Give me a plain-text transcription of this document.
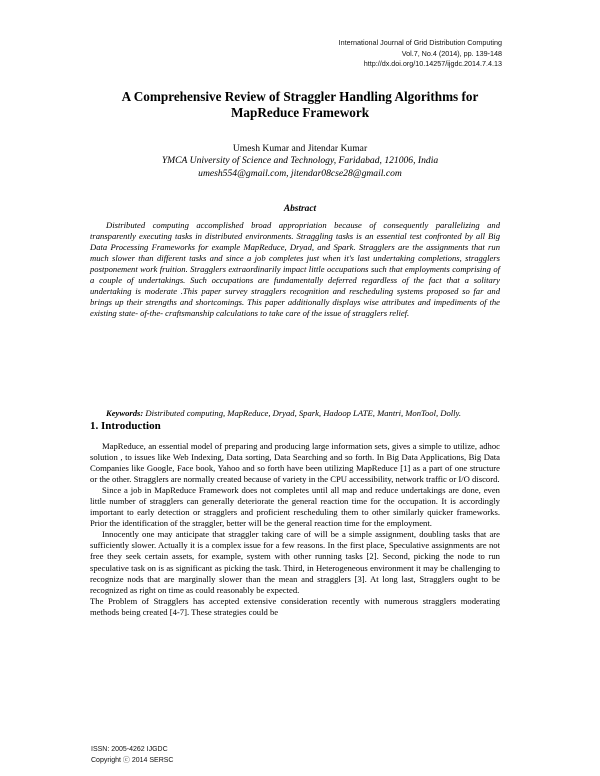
International Journal of Grid Distribution Computing
Vol.7, No.4 (2014), pp. 139-148
http://dx.doi.org/10.14257/ijgdc.2014.7.4.13
A Comprehensive Review of Straggler Handling Algorithms for
MapReduce Framework
Umesh Kumar and Jitendar Kumar
YMCA University of Science and Technology, Faridabad, 121006, India
umesh554@gmail.com, jitendar08cse28@gmail.com
Abstract

Distributed computing accomplished broad appropriation because of consequently parallelizing and transparently executing tasks in distributed environments. Straggling tasks is an essential test confronted by all Big Data Processing Frameworks for example MapReduce, Dryad, and Spark. Stragglers are the assignments that run much slower than different tasks and since a job completes just when it's last undertaking completions, stragglers postponement work fruition. Stragglers extraordinarily impact little occupations such that employments comprising of a couple of undertakings. Such occupations are fundamentally deferred regardless of the fact that a solitary undertaking is moderate .This paper survey stragglers recognition and rescheduling systems proposed so far and brings up their strengths and shortcomings. This paper additionally displays wise attributes and impediments of the existing state- of-the- craftsmanship calculations to take care of the issue of stragglers relief.

Keywords: Distributed computing, MapReduce, Dryad, Spark, Hadoop LATE, Mantri, MonTool, Dolly.

1. Introduction

MapReduce, an essential model of preparing and producing large information sets, gives a simple to utilize, adhoc solution , to issues like Web Indexing, Data sorting, Data Searching and so forth. In Big Data Applications, Big Data Companies like Google, Face book, Yahoo and so forth have been utilizing MapReduce [1] as a part of one structure or the other. Stragglers are normally created because of variety in the CPU accessibility, network traffic or I/O discord.

Since a job in MapReduce Framework does not completes until all map and reduce undertakings are done, even little number of stragglers can generally deteriorate the general reaction time for the occupation. It is accordingly important to early detection or stragglers and proficient rescheduling them to other similarly quicker frameworks. Prior the identification of the straggler, better will be the general reaction time for the employment.

Innocently one may anticipate that straggler taking care of will be a simple assignment, doubling tasks that are sufficiently slower. Actually it is a complex issue for a few reasons. In the first place, Speculative assignments are not free they seek certain assets, for example, system with other running tasks [2]. Second, picking the node to run speculative task on is as significant as picking the task. Third, in Heterogeneous environment it may be challenging to recognize nods that are marginally slower than the mean and stragglers [3]. At long last, Stragglers ought to be recognized as right on time as could reasonably be expected.

The Problem of Stragglers has accepted extensive consideration recently with numerous stragglers moderating methods being created [4-7]. These strategies could be

ISSN: 2005-4262 IJGDC
Copyright ⓒ 2014 SERSC
